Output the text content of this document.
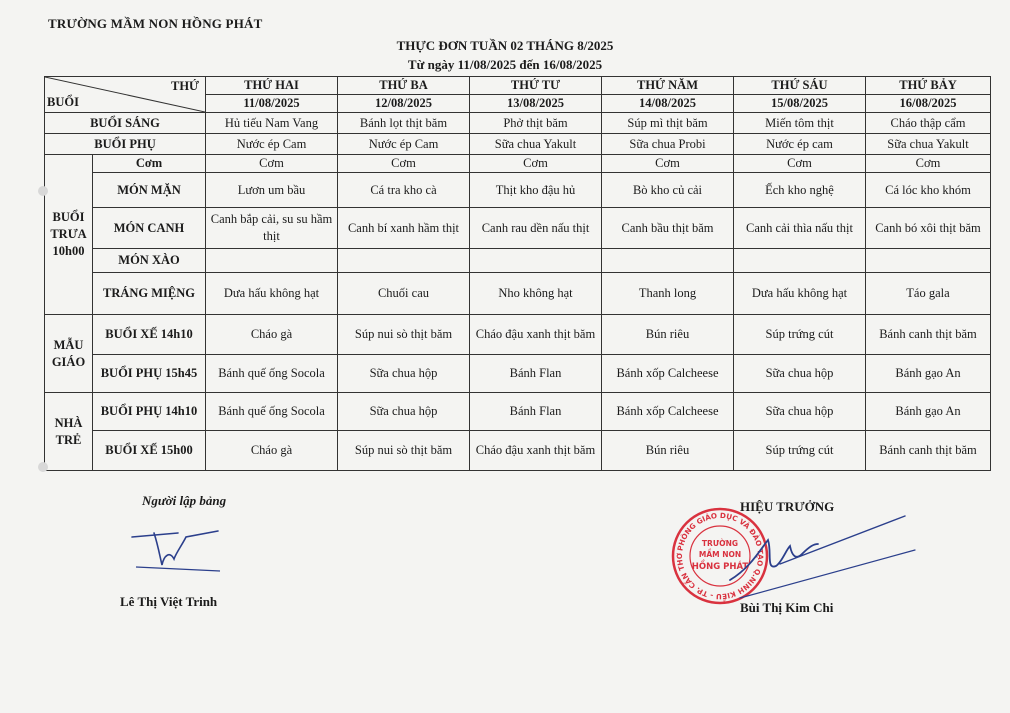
TRƯỜNG MẦM NON HỒNG PHÁT
THỰC ĐƠN TUẦN 02 THÁNG 8/2025
Từ ngày 11/08/2025 đến 16/08/2025
THỨ
BUỔI		THỨ HAI	THỨ BA	THỨ TƯ	THỨ NĂM	THỨ SÁU	THỨ BẢY
		11/08/2025	12/08/2025	13/08/2025	14/08/2025	15/08/2025	16/08/2025
BUỔI SÁNG		Hủ tiếu Nam Vang	Bánh lọt thịt băm	Phở thịt băm	Súp mì thịt băm	Miến tôm thịt	Cháo thập cẩm
BUỔI PHỤ		Nước ép Cam	Nước ép Cam	Sữa chua Yakult	Sữa chua Probi	Nước ép cam	Sữa chua Yakult
BUỔI TRƯA 10h00	Cơm	Cơm	Cơm	Cơm	Cơm	Cơm	Cơm
	MÓN MẶN	Lươn um bầu	Cá tra kho cà	Thịt kho đậu hủ	Bò kho củ cải	Ếch kho nghệ	Cá lóc kho khóm
	MÓN CANH	Canh bắp cải, su su hầm thịt	Canh bí xanh hầm thịt	Canh rau dền nấu thịt	Canh bầu thịt băm	Canh cải thìa nấu thịt	Canh bó xôi thịt băm
	MÓN XÀO						
	TRÁNG MIỆNG	Dưa hấu không hạt	Chuối cau	Nho không hạt	Thanh long	Dưa hấu không hạt	Táo gala
MẪU GIÁO	BUỔI XẾ 14h10	Cháo gà	Súp nui sò thịt băm	Cháo đậu xanh thịt băm	Bún riêu	Súp trứng cút	Bánh canh thịt băm
	BUỔI PHỤ 15h45	Bánh quế ống Socola	Sữa chua hộp	Bánh Flan	Bánh xốp Calcheese	Sữa chua hộp	Bánh gạo An
NHÀ TRẺ	BUỔI PHỤ 14h10	Bánh quế ống Socola	Sữa chua hộp	Bánh Flan	Bánh xốp Calcheese	Sữa chua hộp	Bánh gạo An
	BUỔI XẾ 15h00	Cháo gà	Súp nui sò thịt băm	Cháo đậu xanh thịt băm	Bún riêu	Súp trứng cút	Bánh canh thịt băm
Người lập bảng
Lê Thị Việt Trinh
HIỆU TRƯỞNG
PHÒNG GIÁO DỤC VÀ ĐÀO TẠO Q.NINH KIỀU - TP. CẦN THƠ
TRƯỜNG
MẦM NON
HỒNG PHÁT
Bùi Thị Kim Chi
